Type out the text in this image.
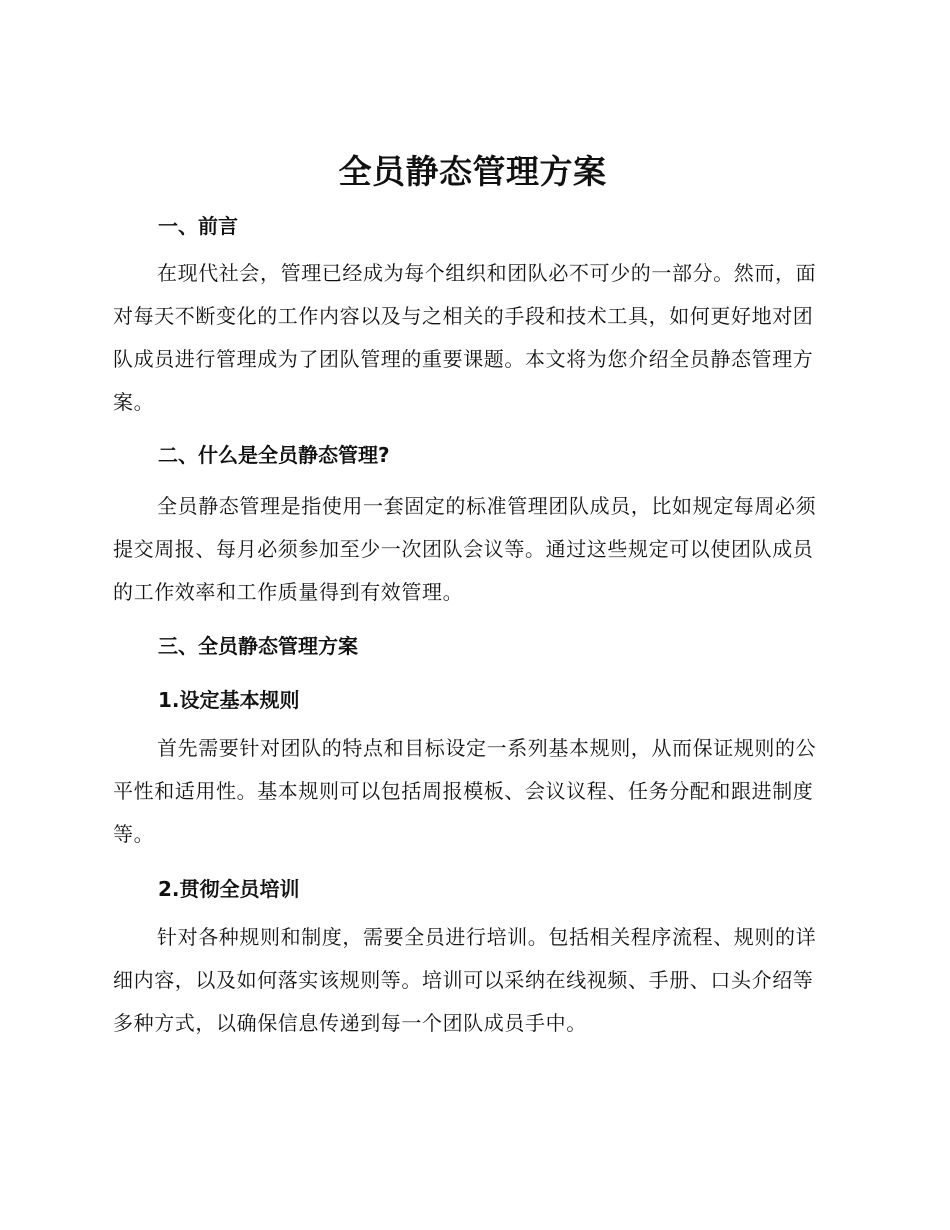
全员静态管理方案
一、前言

在现代社会，管理已经成为每个组织和团队必不可少的一部分。然而，面对每天不断变化的工作内容以及与之相关的手段和技术工具，如何更好地对团队成员进行管理成为了团队管理的重要课题。本文将为您介绍全员静态管理方案。

二、什么是全员静态管理?

全员静态管理是指使用一套固定的标准管理团队成员，比如规定每周必须提交周报、每月必须参加至少一次团队会议等。通过这些规定可以使团队成员的工作效率和工作质量得到有效管理。

三、全员静态管理方案
1.设定基本规则

首先需要针对团队的特点和目标设定一系列基本规则，从而保证规则的公平性和适用性。基本规则可以包括周报模板、会议议程、任务分配和跟进制度等。

2.贯彻全员培训

针对各种规则和制度，需要全员进行培训。包括相关程序流程、规则的详细内容，以及如何落实该规则等。培训可以采纳在线视频、手册、口头介绍等多种方式，以确保信息传递到每一个团队成员手中。
